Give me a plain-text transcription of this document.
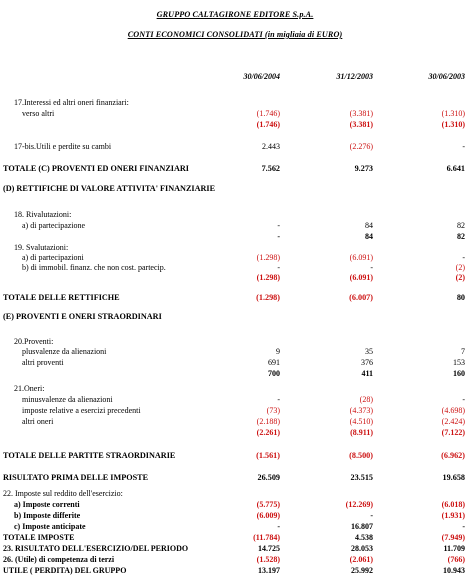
GRUPPO CALTAGIRONE EDITORE S.p.A.
CONTI ECONOMICI CONSOLIDATI (in migliaia di EURO)
30/06/2004	31/12/2003	30/06/2003
17.Interessi ed altri oneri finanziari:
verso altri	(1.746)	(3.381)	(1.310)
(1.746)	(3.381)	(1.310)
17-bis.Utili e perdite su cambi	2.443	(2.276)	-
TOTALE (C) PROVENTI ED ONERI FINANZIARI	7.562	9.273	6.641
(D) RETTIFICHE DI VALORE ATTIVITA' FINANZIARIE
18. Rivalutazioni:
a) di partecipazione	-	84	82
-	84	82
19. Svalutazioni:
a) di partecipazioni	(1.298)	(6.091)	-
b) di immobil. finanz. che non cost. partecip.	-	-	(2)
(1.298)	(6.091)	(2)
TOTALE DELLE RETTIFICHE	(1.298)	(6.007)	80
(E) PROVENTI E ONERI STRAORDINARI
20.Proventi:
plusvalenze da alienazioni	9	35	7
altri proventi	691	376	153
700	411	160
21.Oneri:
minusvalenze da alienazioni	-	(28)	-
imposte relative a esercizi precedenti	(73)	(4.373)	(4.698)
altri oneri	(2.188)	(4.510)	(2.424)
(2.261)	(8.911)	(7.122)
TOTALE DELLE PARTITE STRAORDINARIE	(1.561)	(8.500)	(6.962)
RISULTATO PRIMA DELLE IMPOSTE	26.509	23.515	19.658
22. Imposte sul reddito dell'esercizio:
a) Imposte correnti	(5.775)	(12.269)	(6.018)
b) Imposte differite	(6.009)	-	(1.931)
c) Imposte anticipate	-	16.807	-
TOTALE IMPOSTE	(11.784)	4.538	(7.949)
23. RISULTATO DELL'ESERCIZIO/DEL PERIODO	14.725	28.053	11.709
26. (Utile) di competenza di terzi	(1.528)	(2.061)	(766)
UTILE ( PERDITA) DEL GRUPPO	13.197	25.992	10.943
